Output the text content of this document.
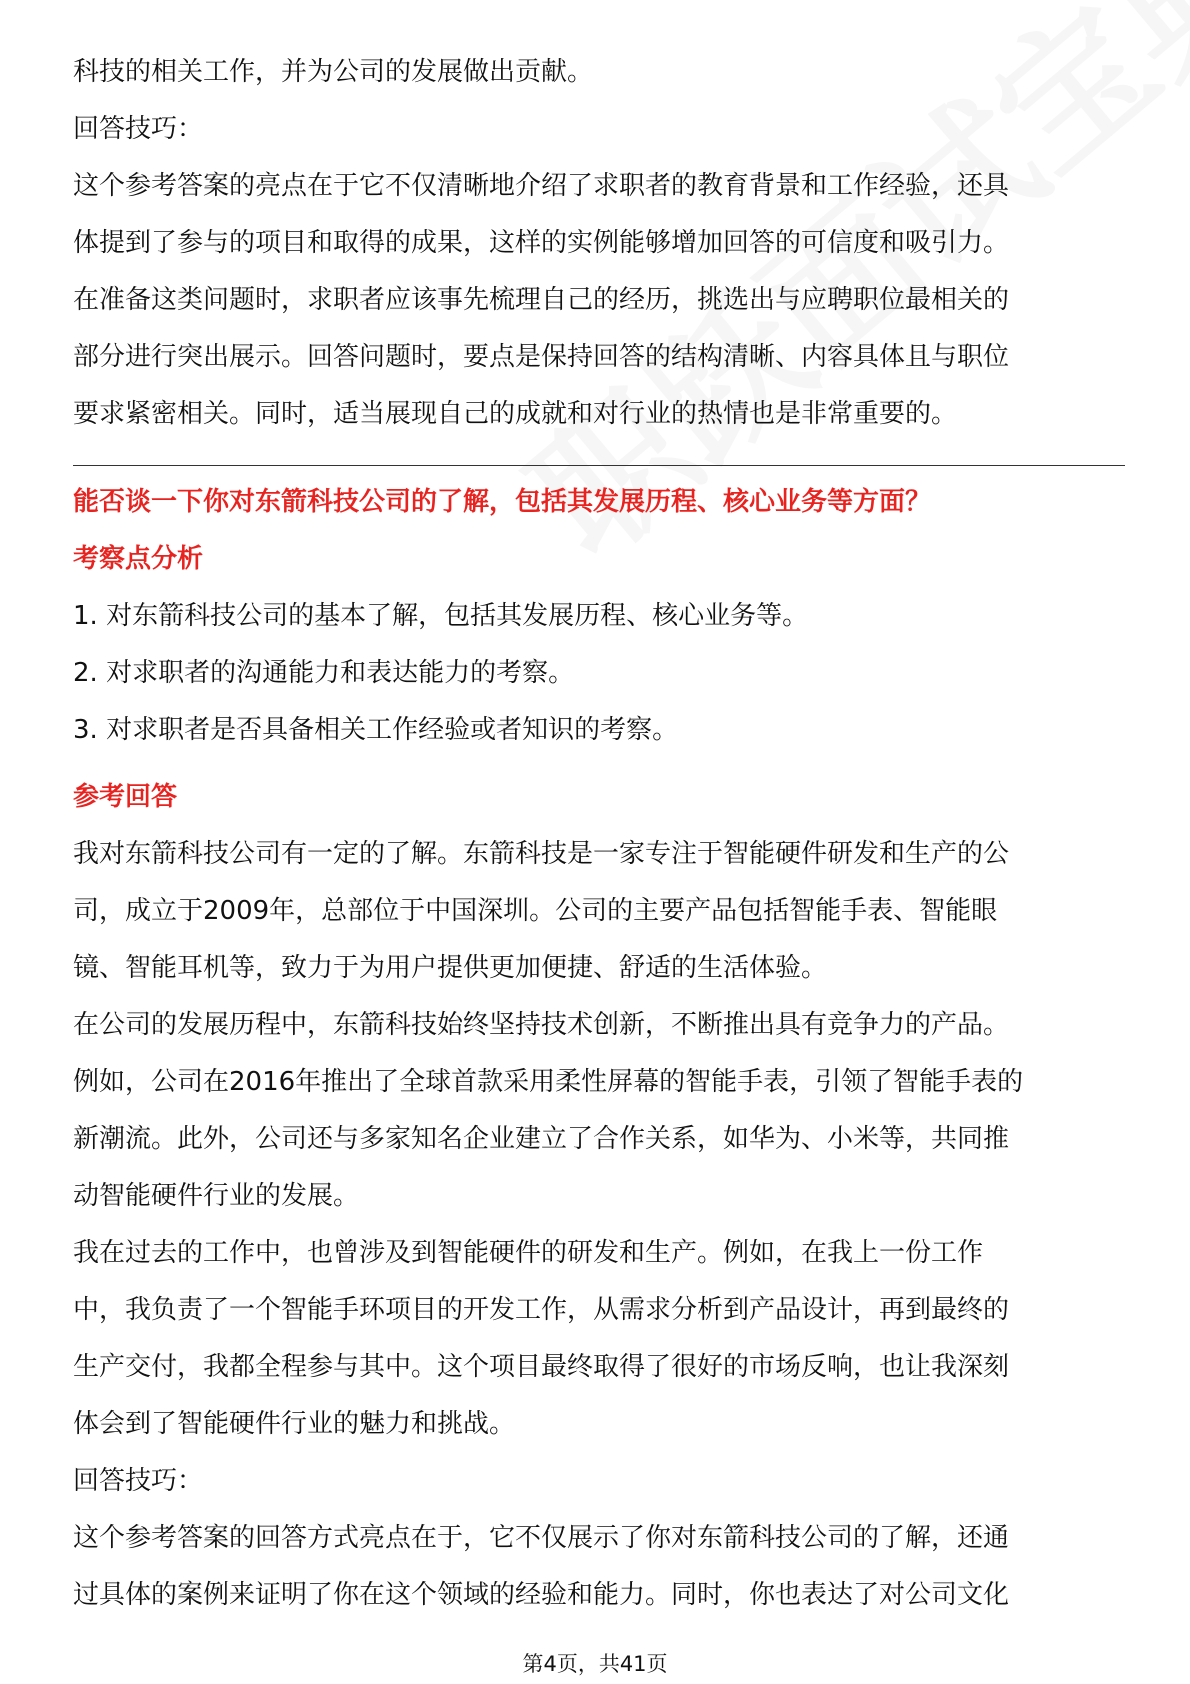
科技的相关工作，并为公司的发展做出贡献。

回答技巧：

这个参考答案的亮点在于它不仅清晰地介绍了求职者的教育背景和工作经验，还具

体提到了参与的项目和取得的成果，这样的实例能够增加回答的可信度和吸引力。

在准备这类问题时，求职者应该事先梳理自己的经历，挑选出与应聘职位最相关的

部分进行突出展示。回答问题时，要点是保持回答的结构清晰、内容具体且与职位

要求紧密相关。同时，适当展现自己的成就和对行业的热情也是非常重要的。

能否谈一下你对东箭科技公司的了解，包括其发展历程、核心业务等方面？

考察点分析

1. 对东箭科技公司的基本了解，包括其发展历程、核心业务等。

2. 对求职者的沟通能力和表达能力的考察。

3. 对求职者是否具备相关工作经验或者知识的考察。

参考回答

我对东箭科技公司有一定的了解。东箭科技是一家专注于智能硬件研发和生产的公

司，成立于2009年，总部位于中国深圳。公司的主要产品包括智能手表、智能眼

镜、智能耳机等，致力于为用户提供更加便捷、舒适的生活体验。

在公司的发展历程中，东箭科技始终坚持技术创新，不断推出具有竞争力的产品。

例如，公司在2016年推出了全球首款采用柔性屏幕的智能手表，引领了智能手表的

新潮流。此外，公司还与多家知名企业建立了合作关系，如华为、小米等，共同推

动智能硬件行业的发展。

我在过去的工作中，也曾涉及到智能硬件的研发和生产。例如，在我上一份工作

中，我负责了一个智能手环项目的开发工作，从需求分析到产品设计，再到最终的

生产交付，我都全程参与其中。这个项目最终取得了很好的市场反响，也让我深刻

体会到了智能硬件行业的魅力和挑战。

回答技巧：

这个参考答案的回答方式亮点在于，它不仅展示了你对东箭科技公司的了解，还通

过具体的案例来证明了你在这个领域的经验和能力。同时，你也表达了对公司文化

第4页，共41页
